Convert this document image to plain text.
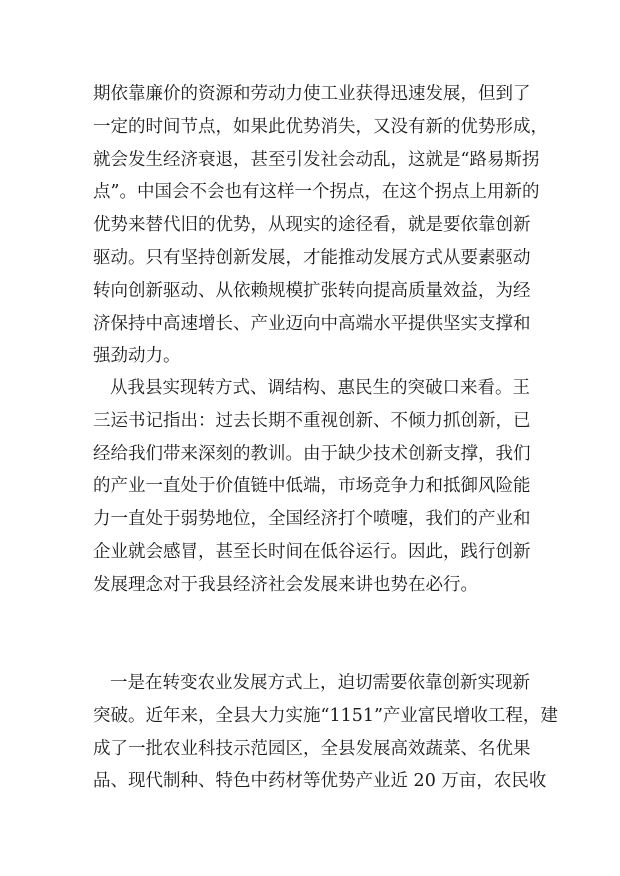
期依靠廉价的资源和劳动力使工业获得迅速发展，但到了
一定的时间节点，如果此优势消失，又没有新的优势形成，
就会发生经济衰退，甚至引发社会动乱，这就是“路易斯拐
点”。中国会不会也有这样一个拐点，在这个拐点上用新的
优势来替代旧的优势，从现实的途径看，就是要依靠创新
驱动。只有坚持创新发展，才能推动发展方式从要素驱动
转向创新驱动、从依赖规模扩张转向提高质量效益，为经
济保持中高速增长、产业迈向中高端水平提供坚实支撑和
强劲动力。
从我县实现转方式、调结构、惠民生的突破口来看。王
三运书记指出：过去长期不重视创新、不倾力抓创新，已
经给我们带来深刻的教训。由于缺少技术创新支撑，我们
的产业一直处于价值链中低端，市场竞争力和抵御风险能
力一直处于弱势地位，全国经济打个喷嚏，我们的产业和
企业就会感冒，甚至长时间在低谷运行。因此，践行创新
发展理念对于我县经济社会发展来讲也势在必行。
一是在转变农业发展方式上，迫切需要依靠创新实现新
突破。近年来，全县大力实施“1151”产业富民增收工程，建
成了一批农业科技示范园区，全县发展高效蔬菜、名优果
品、现代制种、特色中药材等优势产业近 20 万亩，农民收
